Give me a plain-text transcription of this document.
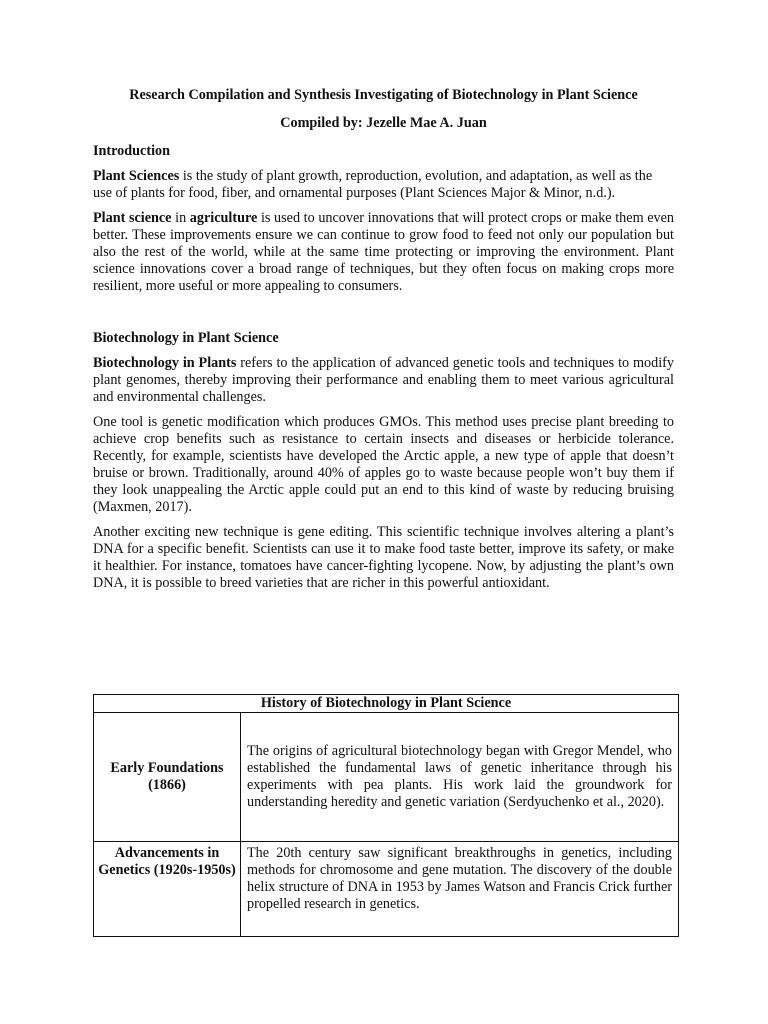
Research Compilation and Synthesis Investigating of Biotechnology in Plant Science
Compiled by: Jezelle Mae A. Juan
Introduction

Plant Sciences is the study of plant growth, reproduction, evolution, and adaptation, as well as the use of plants for food, fiber, and ornamental purposes (Plant Sciences Major & Minor, n.d.).

Plant science in agriculture is used to uncover innovations that will protect crops or make them even better. These improvements ensure we can continue to grow food to feed not only our population but also the rest of the world, while at the same time protecting or improving the environment. Plant science innovations cover a broad range of techniques, but they often focus on making crops more resilient, more useful or more appealing to consumers.

Biotechnology in Plant Science

Biotechnology in Plants refers to the application of advanced genetic tools and techniques to modify plant genomes, thereby improving their performance and enabling them to meet various agricultural and environmental challenges.

One tool is genetic modification which produces GMOs. This method uses precise plant breeding to achieve crop benefits such as resistance to certain insects and diseases or herbicide tolerance. Recently, for example, scientists have developed the Arctic apple, a new type of apple that doesn’t bruise or brown. Traditionally, around 40% of apples go to waste because people won’t buy them if they look unappealing the Arctic apple could put an end to this kind of waste by reducing bruising (Maxmen, 2017).

Another exciting new technique is gene editing. This scientific technique involves altering a plant’s DNA for a specific benefit. Scientists can use it to make food taste better, improve its safety, or make it healthier. For instance, tomatoes have cancer-fighting lycopene. Now, by adjusting the plant’s own DNA, it is possible to breed varieties that are richer in this powerful antioxidant.

History of Biotechnology in Plant Science	
Early Foundations (1866)	The origins of agricultural biotechnology began with Gregor Mendel, who established the fundamental laws of genetic inheritance through his experiments with pea plants. His work laid the groundwork for understanding heredity and genetic variation (Serdyuchenko et al., 2020).
Advancements in Genetics (1920s-1950s)	The 20th century saw significant breakthroughs in genetics, including methods for chromosome and gene mutation. The discovery of the double helix structure of DNA in 1953 by James Watson and Francis Crick further propelled research in genetics.
